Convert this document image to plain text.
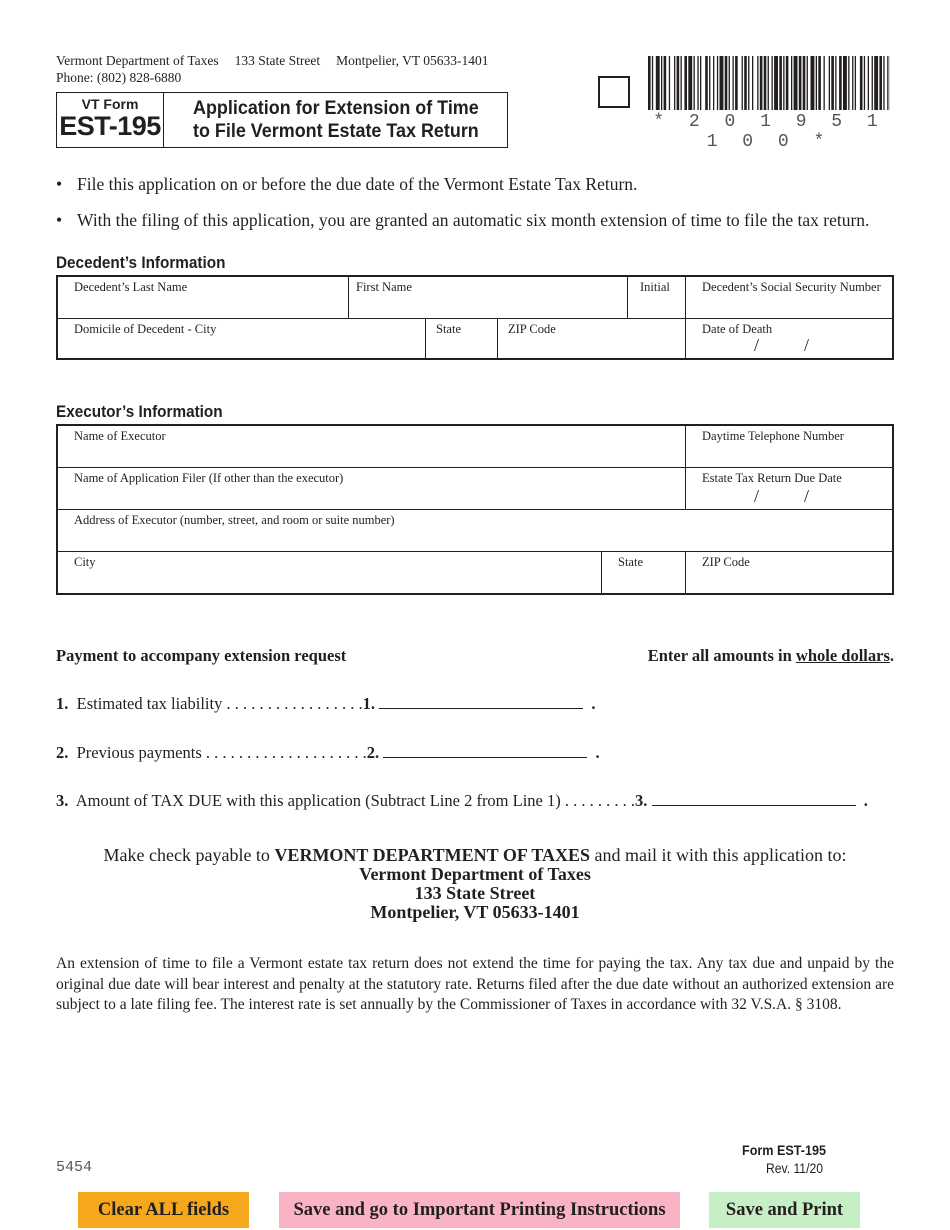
Vermont Department of Taxes 133 State Street Montpelier, VT 05633-1401
Phone: (802) 828-6880
VT Form
EST-195
Application for Extension of Time
to File Vermont Estate Tax Return	* 2 0 1 9 5 1 1 0 0 *
• File this application on or before the due date of the Vermont Estate Tax Return.
• With the filing of this application, you are granted an automatic six month extension of time to file the tax return.
Decedent’s Information
Decedent’s Last Name	First Name	Initial	Decedent’s Social Security Number
Domicile of Decedent - City	State	ZIP Code	Date of Death
/          /
Executor’s Information
Name of Executor	Daytime Telephone Number
Name of Application Filer (If other than the executor)	Estate Tax Return Due Date
/          /
Address of Executor (number, street, and room or suite number)
City	State	ZIP Code
Payment to accompany extension request	Enter all amounts in whole dollars.
1. Estimated tax liability . . . . . . . . . . . . . . . . .1.	.
2. Previous payments . . . . . . . . . . . . . . . . . . . .2.	.
3. Amount of TAX DUE with this application (Subtract Line 2 from Line 1) . . . . . . . . .3.	.
Make check payable to VERMONT DEPARTMENT OF TAXES and mail it with this application to:
Vermont Department of Taxes
133 State Street
Montpelier, VT 05633-1401
An extension of time to file a Vermont estate tax return does not extend the time for paying the tax. Any tax due and unpaid by the original due date will bear interest and penalty at the statutory rate. Returns filed after the due date without an authorized extension are subject to a late filing fee. The interest rate is set annually by the Commissioner of Taxes in accordance with 32 V.S.A. § 3108.
5454
Form EST-195
Rev. 11/20
Clear ALL fields	Save and go to Important Printing Instructions	Save and Print
